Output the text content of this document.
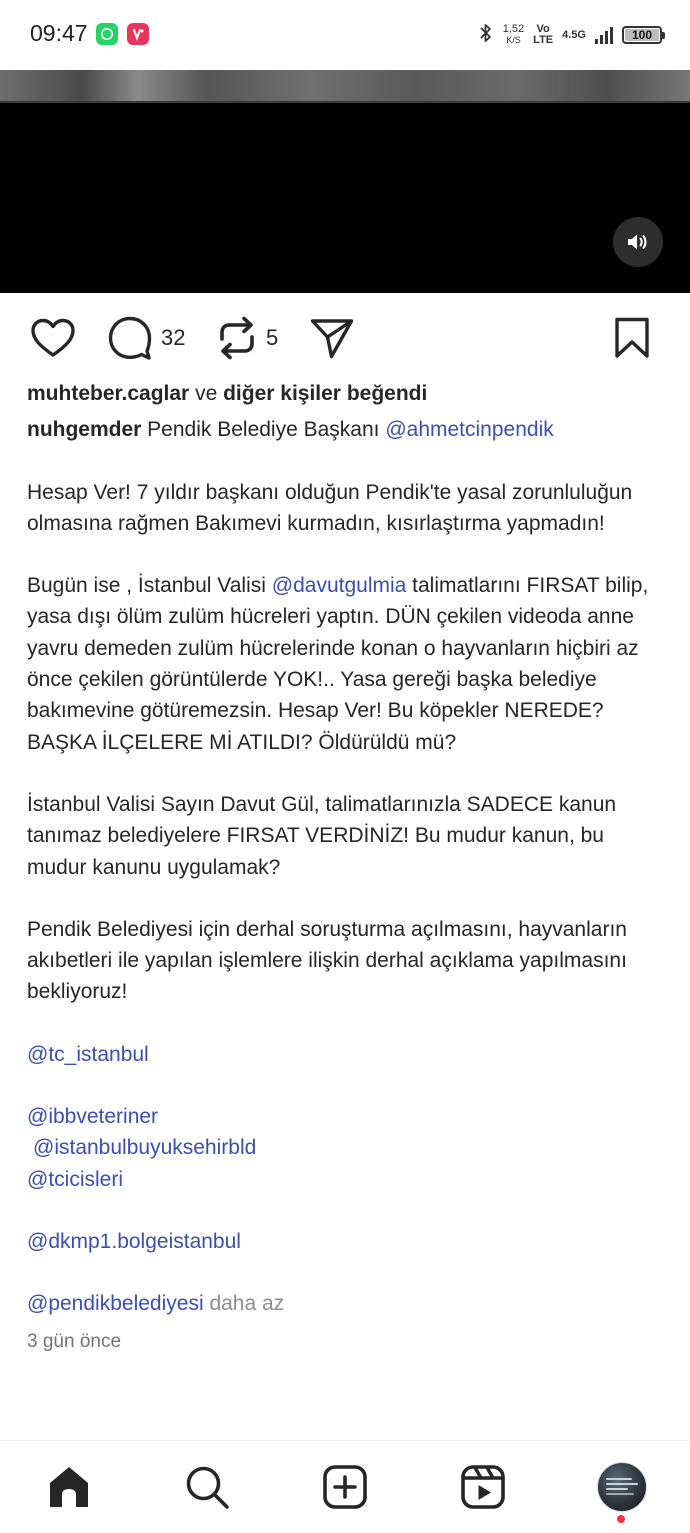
09:47	1,52
K/S
Vo
LTE 4.5G	100
32	5
muhteber.caglar ve diğer kişiler beğendi
nuhgemder Pendik Belediye Başkanı @ahmetcinpendik

Hesap Ver! 7 yıldır başkanı olduğun Pendik'te yasal zorunluluğun olmasına rağmen Bakımevi kurmadın, kısırlaştırma yapmadın!

Bugün ise , İstanbul Valisi @davutgulmia talimatlarını FIRSAT bilip, yasa dışı ölüm zulüm hücreleri yaptın. DÜN çekilen videoda anne yavru demeden zulüm hücrelerinde konan o hayvanların hiçbiri az önce çekilen görüntülerde YOK!.. Yasa gereği başka belediye bakımevine götüremezsin. Hesap Ver! Bu köpekler NEREDE? BAŞKA İLÇELERE Mİ ATILDI? Öldürüldü mü?

İstanbul Valisi Sayın Davut Gül, talimatlarınızla SADECE kanun tanımaz belediyelere FIRSAT VERDİNİZ! Bu mudur kanun, bu mudur kanunu uygulamak?

Pendik Belediyesi için derhal soruşturma açılmasını, hayvanların akıbetleri ile yapılan işlemlere ilişkin derhal açıklama yapılmasını bekliyoruz!

@tc_istanbul

@ibbveteriner

@istanbulbuyuksehirbld

@tcicisleri

@dkmp1.bolgeistanbul

@pendikbelediyesi daha az

3 gün önce
